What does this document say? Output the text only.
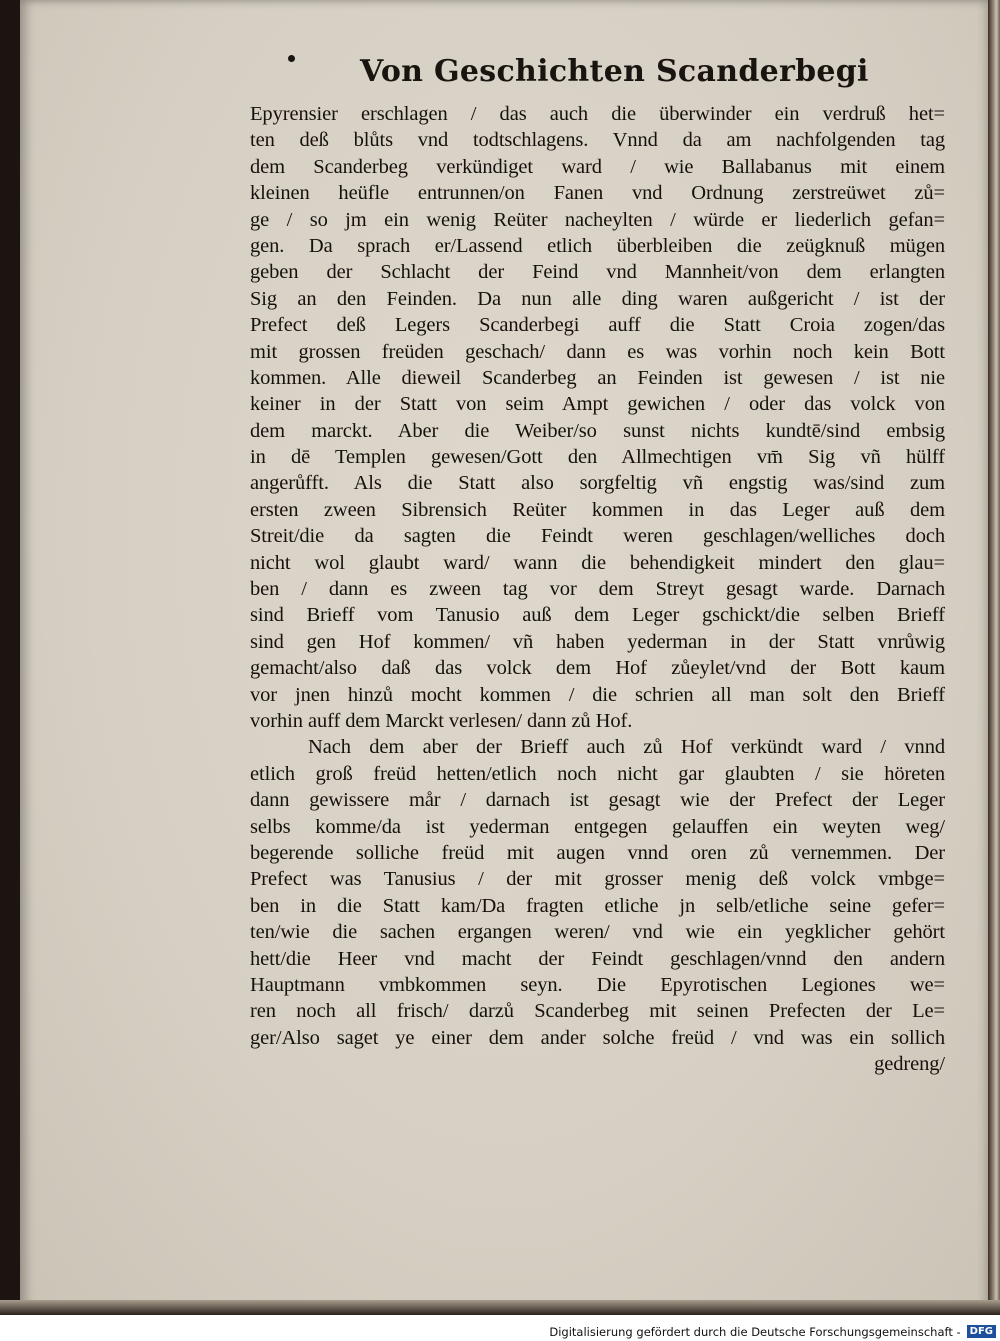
Von Geschichten Scanderbegi
Epyrensier erschlagen / das auch die überwinder ein verdruß het=
ten deß blůts vnd todtschlagens. Vnnd da am nachfolgenden tag
dem Scanderbeg verkündiget ward / wie Ballabanus mit einem
kleinen heüfle entrunnen/on Fanen vnd Ordnung zerstreüwet zů=
ge / so jm ein wenig Reüter nacheylten / würde er liederlich gefan=
gen. Da sprach er/Lassend etlich überbleiben die zeügknuß mügen
geben der Schlacht der Feind vnd Mannheit/von dem erlangten
Sig an den Feinden. Da nun alle ding waren außgericht / ist der
Prefect deß Legers Scanderbegi auff die Statt Croia zogen/das
mit grossen freüden geschach/ dann es was vorhin noch kein Bott
kommen. Alle dieweil Scanderbeg an Feinden ist gewesen / ist nie
keiner in der Statt von seim Ampt gewichen / oder das volck von
dem marckt. Aber die Weiber/so sunst nichts kundtē/sind embsig
in dē Templen gewesen/Gott den Allmechtigen vm̄ Sig vñ hülff
angerůfft. Als die Statt also sorgfeltig vñ engstig was/sind zum
ersten zween Sibrensich Reüter kommen in das Leger auß dem
Streit/die da sagten die Feindt weren geschlagen/welliches doch
nicht wol glaubt ward/ wann die behendigkeit mindert den glau=
ben / dann es zween tag vor dem Streyt gesagt warde. Darnach
sind Brieff vom Tanusio auß dem Leger gschickt/die selben Brieff
sind gen Hof kommen/ vñ haben yederman in der Statt vnrůwig
gemacht/also daß das volck dem Hof zůeylet/vnd der Bott kaum
vor jnen hinzů mocht kommen / die schrien all man solt den Brieff
vorhin auff dem Marckt verlesen/ dann zů Hof.
Nach dem aber der Brieff auch zů Hof verkündt ward / vnnd
etlich groß freüd hetten/etlich noch nicht gar glaubten / sie höreten
dann gewissere mår / darnach ist gesagt wie der Prefect der Leger
selbs komme/da ist yederman entgegen gelauffen ein weyten weg/
begerende solliche freüd mit augen vnnd oren zů vernemmen. Der
Prefect was Tanusius / der mit grosser menig deß volck vmbge=
ben in die Statt kam/Da fragten etliche jn selb/etliche seine gefer=
ten/wie die sachen ergangen weren/ vnd wie ein yegklicher gehört
hett/die Heer vnd macht der Feindt geschlagen/vnnd den andern
Hauptmann vmbkommen seyn. Die Epyrotischen Legiones we=
ren noch all frisch/ darzů Scanderbeg mit seinen Prefecten der Le=
ger/Also saget ye einer dem ander solche freüd / vnd was ein sollich
gedreng/
Digitalisierung gefördert durch die Deutsche Forschungsgemeinschaft - DFG
